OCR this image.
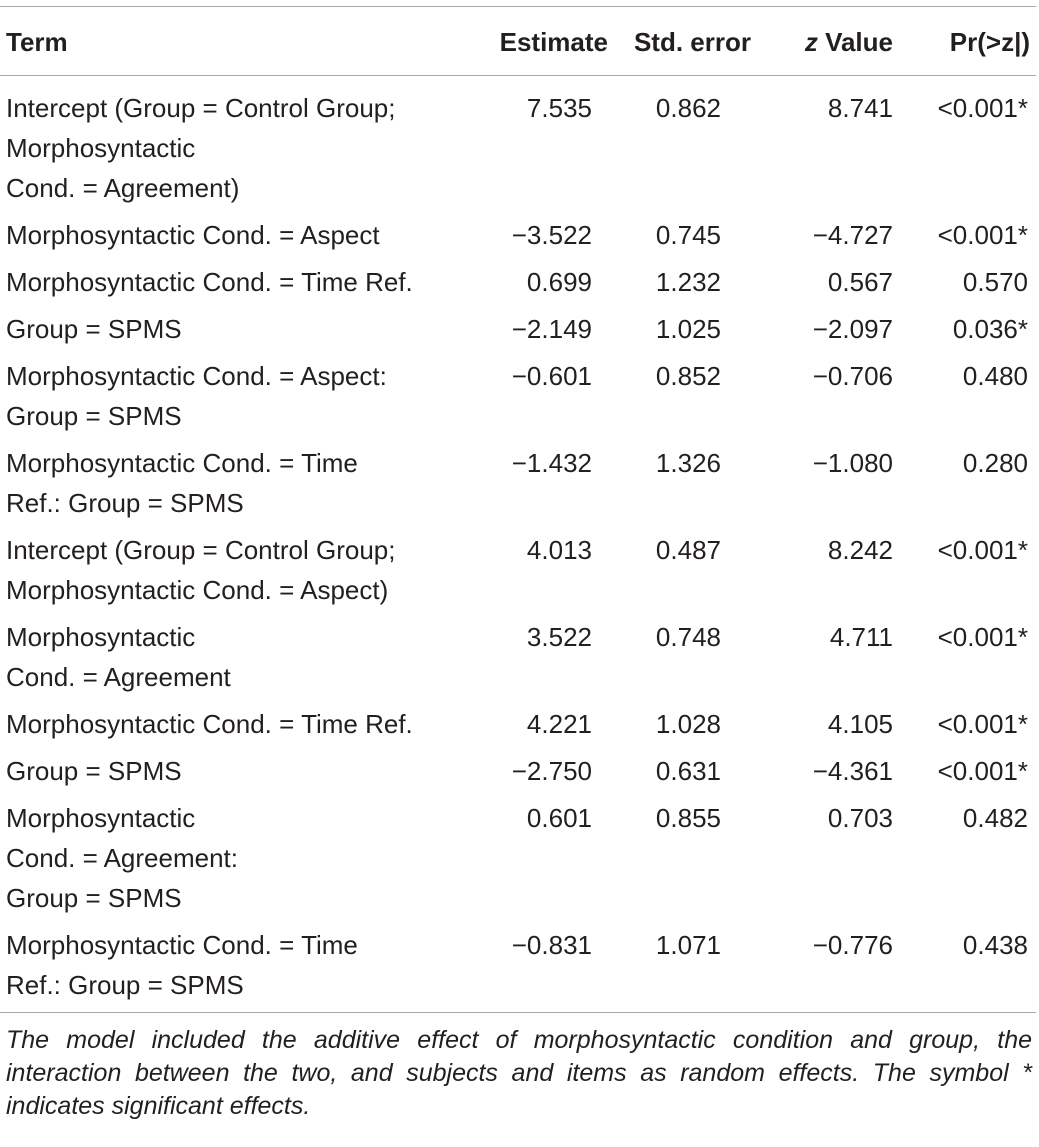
Term	Estimate	Std. error	z Value	Pr(>z|)
Intercept (Group = Control Group;
Morphosyntactic
Cond. = Agreement)	7.535	0.862	8.741	<0.001*

Morphosyntactic Cond. = Aspect	−3.522	0.745	−4.727	<0.001*

Morphosyntactic Cond. = Time Ref.	0.699	1.232	0.567	0.570

Group = SPMS	−2.149	1.025	−2.097	0.036*

Morphosyntactic Cond. = Aspect:
Group = SPMS	−0.601	0.852	−0.706	0.480

Morphosyntactic Cond. = Time
Ref.: Group = SPMS	−1.432	1.326	−1.080	0.280

Intercept (Group = Control Group;
Morphosyntactic Cond. = Aspect)	4.013	0.487	8.242	<0.001*

Morphosyntactic
Cond. = Agreement	3.522	0.748	4.711	<0.001*

Morphosyntactic Cond. = Time Ref.	4.221	1.028	4.105	<0.001*

Group = SPMS	−2.750	0.631	−4.361	<0.001*

Morphosyntactic
Cond. = Agreement:
Group = SPMS	0.601	0.855	0.703	0.482

Morphosyntactic Cond. = Time
Ref.: Group = SPMS	−0.831	1.071	−0.776	0.438

The model included the additive effect of morphosyntactic condition and group, the interaction between the two, and subjects and items as random effects. The symbol * indicates significant effects.
